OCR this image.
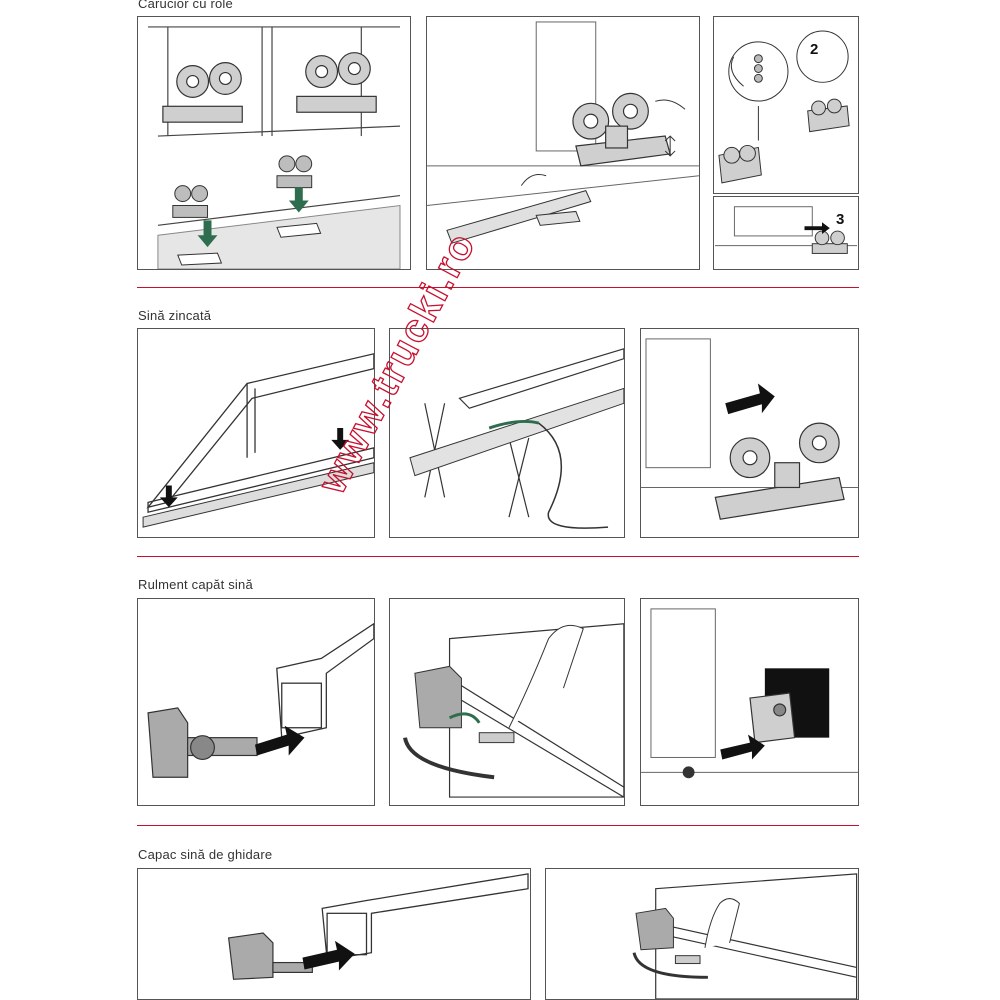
Cărucior cu role
2
3
Sină zincată
Rulment capăt sină
Capac sină de ghidare
